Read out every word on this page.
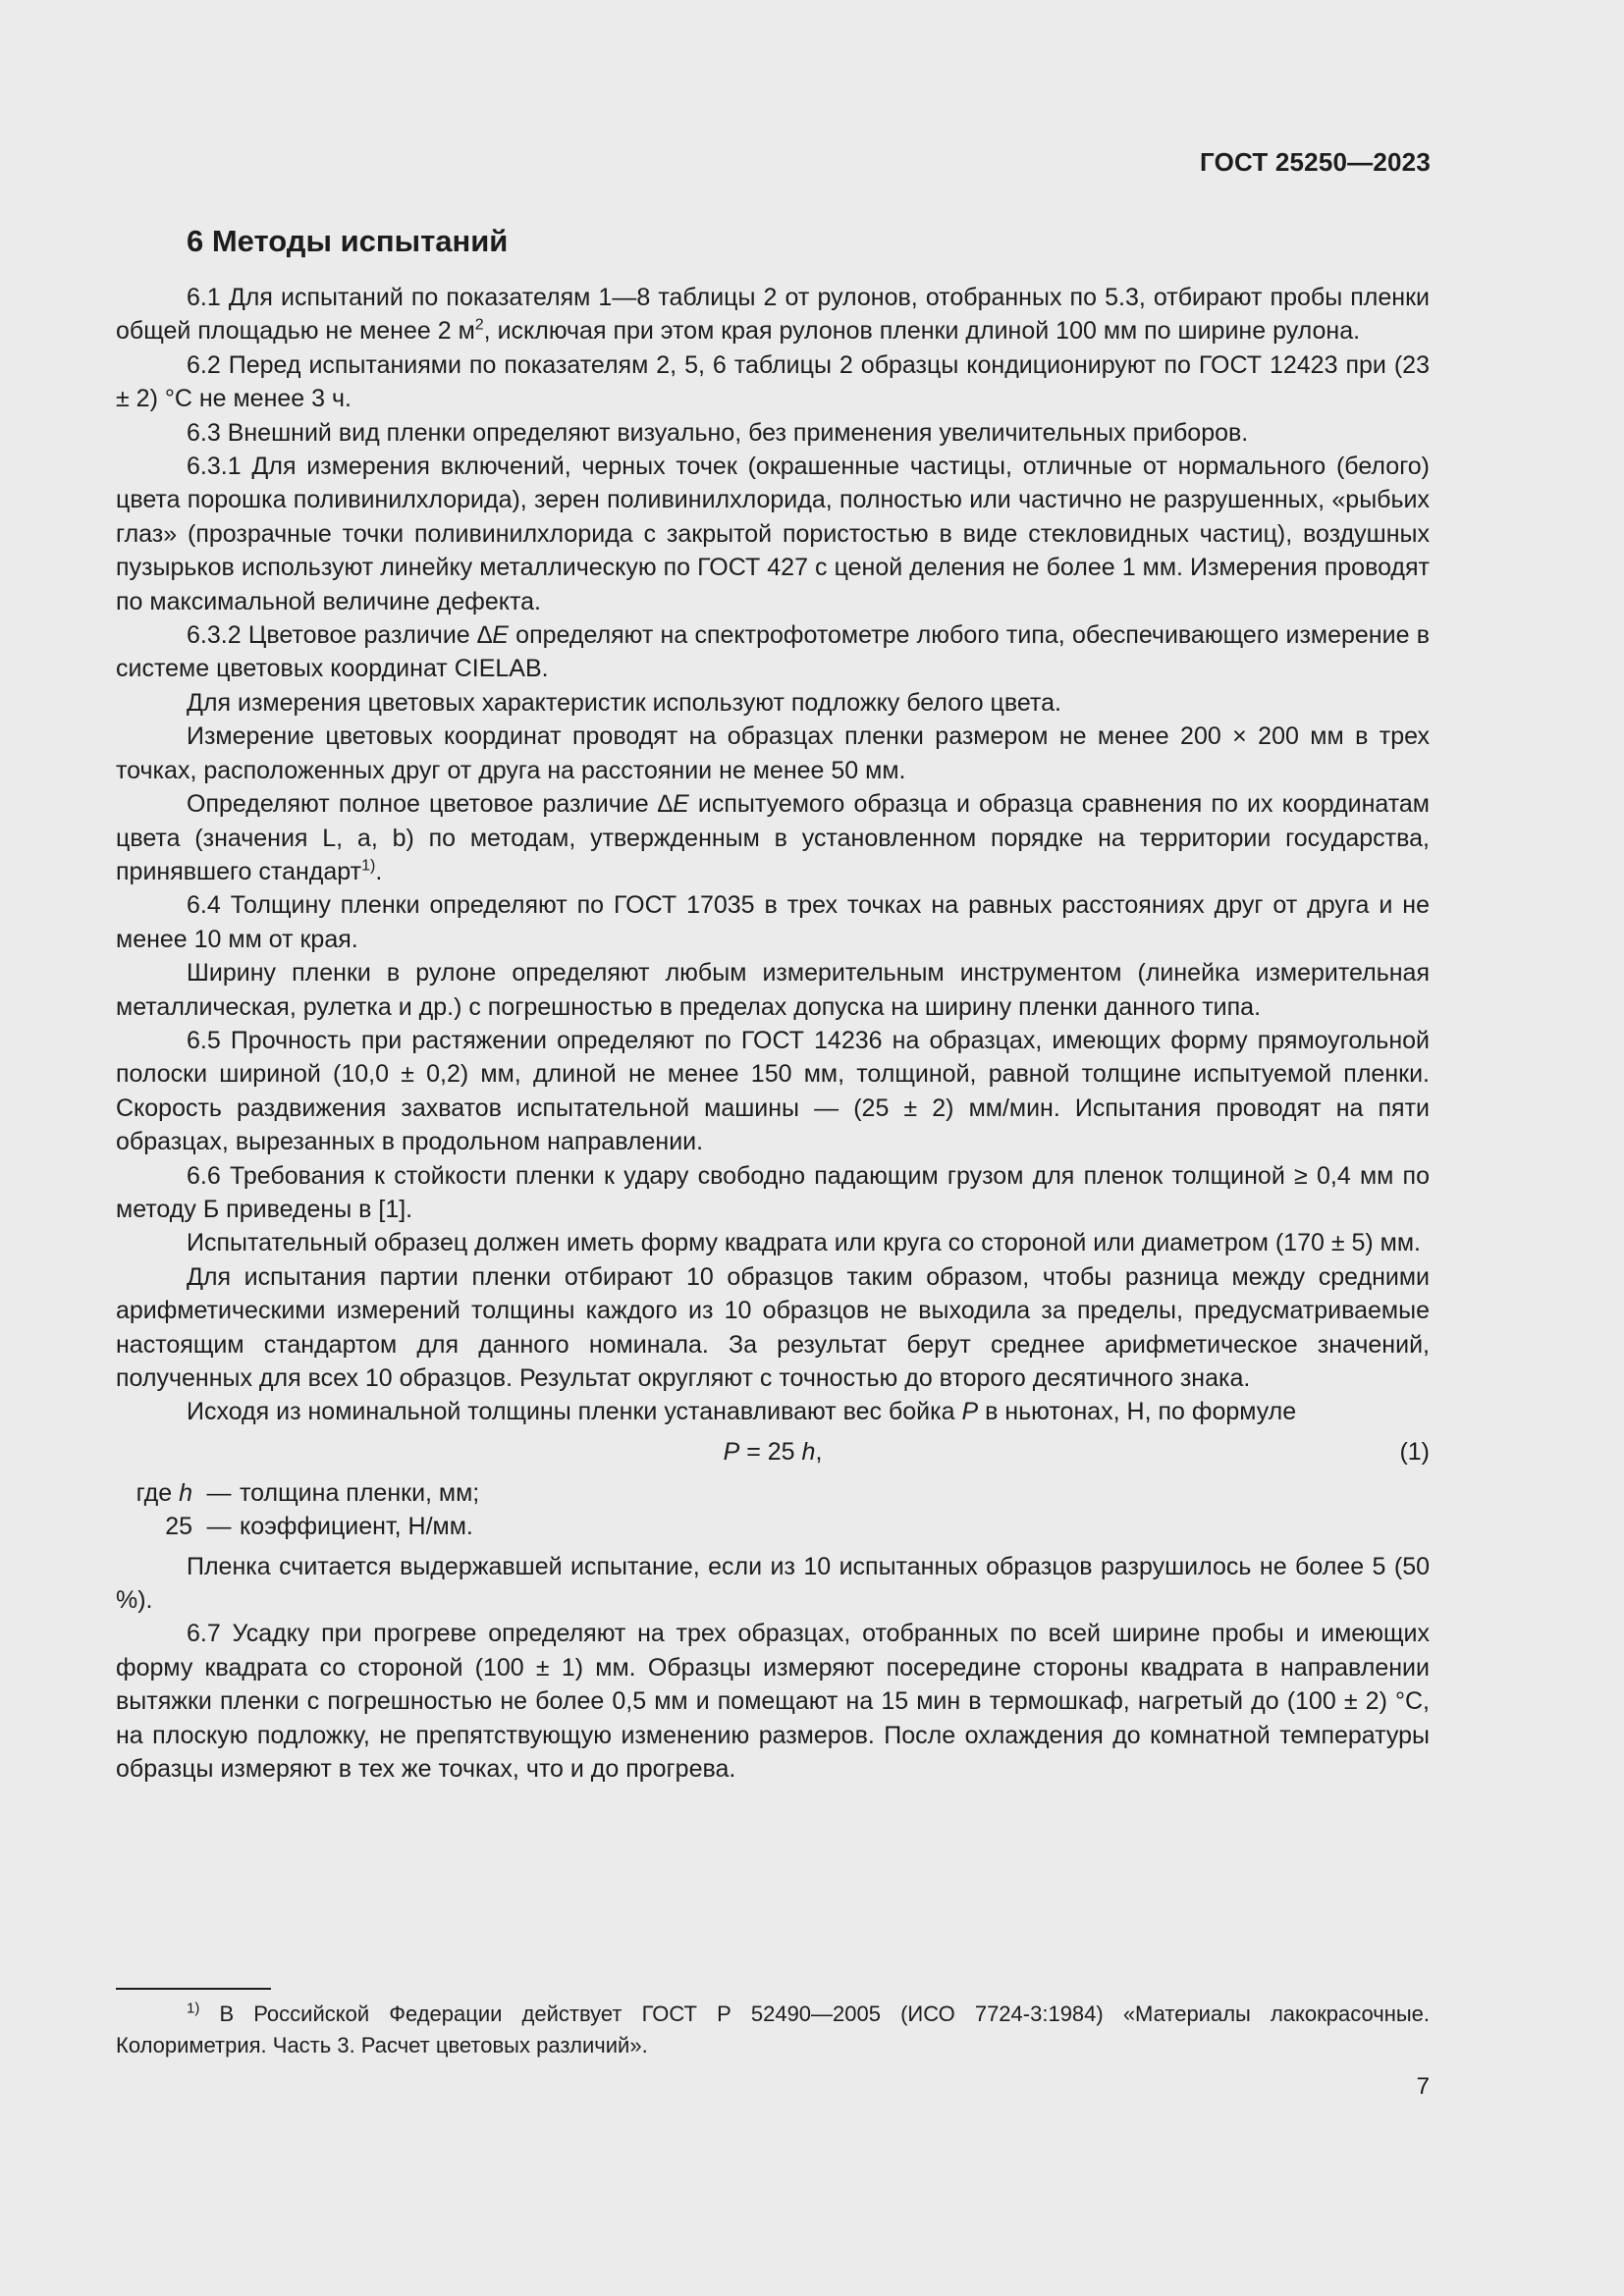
ГОСТ 25250—2023
6 Методы испытаний

6.1 Для испытаний по показателям 1—8 таблицы 2 от рулонов, отобранных по 5.3, отбирают пробы пленки общей площадью не менее 2 $м^2$, исключая при этом края рулонов пленки длиной 100 мм по ширине рулона.

6.2 Перед испытаниями по показателям 2, 5, 6 таблицы 2 образцы кондиционируют по ГОСТ 12423 при (23 ± 2) °С не менее 3 ч.

6.3 Внешний вид пленки определяют визуально, без применения увеличительных приборов.

6.3.1 Для измерения включений, черных точек (окрашенные частицы, отличные от нормального (белого) цвета порошка поливинилхлорида), зерен поливинилхлорида, полностью или частично не разрушенных, «рыбьих глаз» (прозрачные точки поливинилхлорида с закрытой пористостью в виде стекловидных частиц), воздушных пузырьков используют линейку металлическую по ГОСТ 427 с ценой деления не более 1 мм. Измерения проводят по максимальной величине дефекта.

6.3.2 Цветовое различие ∆E определяют на спектрофотометре любого типа, обеспечивающего измерение в системе цветовых координат CIELAB.

Для измерения цветовых характеристик используют подложку белого цвета.

Измерение цветовых координат проводят на образцах пленки размером не менее 200 × 200 мм в трех точках, расположенных друг от друга на расстоянии не менее 50 мм.

Определяют полное цветовое различие ∆E испытуемого образца и образца сравнения по их координатам цвета (значения L, a, b) по методам, утвержденным в установленном порядке на территории государства, принявшего стандарт$^{1)}$.

6.4 Толщину пленки определяют по ГОСТ 17035 в трех точках на равных расстояниях друг от друга и не менее 10 мм от края.

Ширину пленки в рулоне определяют любым измерительным инструментом (линейка измерительная металлическая, рулетка и др.) с погрешностью в пределах допуска на ширину пленки данного типа.

6.5 Прочность при растяжении определяют по ГОСТ 14236 на образцах, имеющих форму прямоугольной полоски шириной (10,0 ± 0,2) мм, длиной не менее 150 мм, толщиной, равной толщине испытуемой пленки. Скорость раздвижения захватов испытательной машины — (25 ± 2) мм/мин. Испытания проводят на пяти образцах, вырезанных в продольном направлении.

6.6 Требования к стойкости пленки к удару свободно падающим грузом для пленок толщиной ≥ 0,4 мм по методу Б приведены в [1].

Испытательный образец должен иметь форму квадрата или круга со стороной или диаметром (170 ± 5) мм.

Для испытания партии пленки отбирают 10 образцов таким образом, чтобы разница между средними арифметическими измерений толщины каждого из 10 образцов не выходила за пределы, предусматриваемые настоящим стандартом для данного номинала. За результат берут среднее арифметическое значений, полученных для всех 10 образцов. Результат округляют с точностью до второго десятичного знака.

Исходя из номинальной толщины пленки устанавливают вес бойка P в ньютонах, Н, по формуле

P = 25 h,	(1)
где h — толщина пленки, мм;
25 — коэффициент, Н/мм.

Пленка считается выдержавшей испытание, если из 10 испытанных образцов разрушилось не более 5 (50 %).

6.7 Усадку при прогреве определяют на трех образцах, отобранных по всей ширине пробы и имеющих форму квадрата со стороной (100 ± 1) мм. Образцы измеряют посередине стороны квадрата в направлении вытяжки пленки с погрешностью не более 0,5 мм и помещают на 15 мин в термошкаф, нагретый до (100 ± 2) °С, на плоскую подложку, не препятствующую изменению размеров. После охлаждения до комнатной температуры образцы измеряют в тех же точках, что и до прогрева.

$^{1)}$ В Российской Федерации действует ГОСТ Р 52490—2005 (ИСО 7724-3:1984) «Материалы лакокрасочные. Колориметрия. Часть 3. Расчет цветовых различий».

7
